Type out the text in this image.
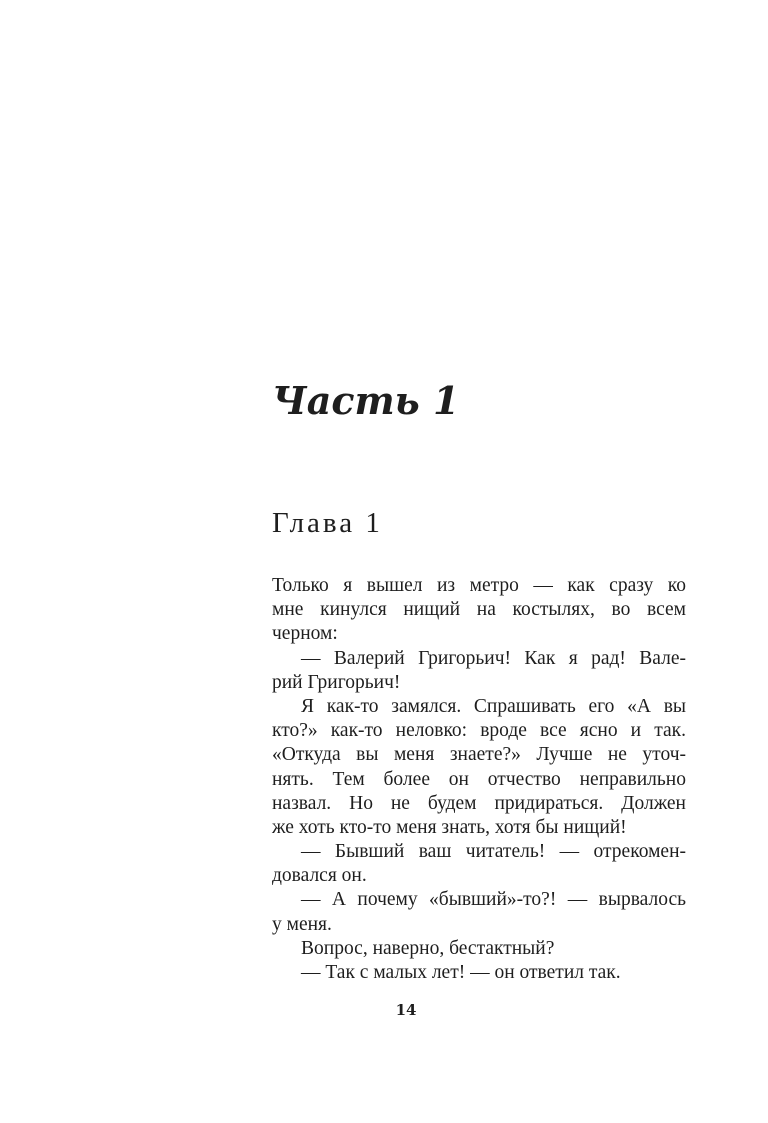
Часть 1
Глава 1
Только я вышел из метро — как сразу ко
мне кинулся нищий на костылях, во всем
черном:
— Валерий Григорьич! Как я рад! Вале-
рий Григорьич!
Я как-то замялся. Спрашивать его «А вы
кто?» как-то неловко: вроде все ясно и так.
«Откуда вы меня знаете?» Лучше не уточ-
нять. Тем более он отчество неправильно
назвал. Но не будем придираться. Должен
же хоть кто-то меня знать, хотя бы нищий!
— Бывший ваш читатель! — отрекомен-
довался он.
— А почему «бывший»-то?! — вырвалось
у меня.
Вопрос, наверно, бестактный?
— Так с малых лет! — он ответил так.
14
